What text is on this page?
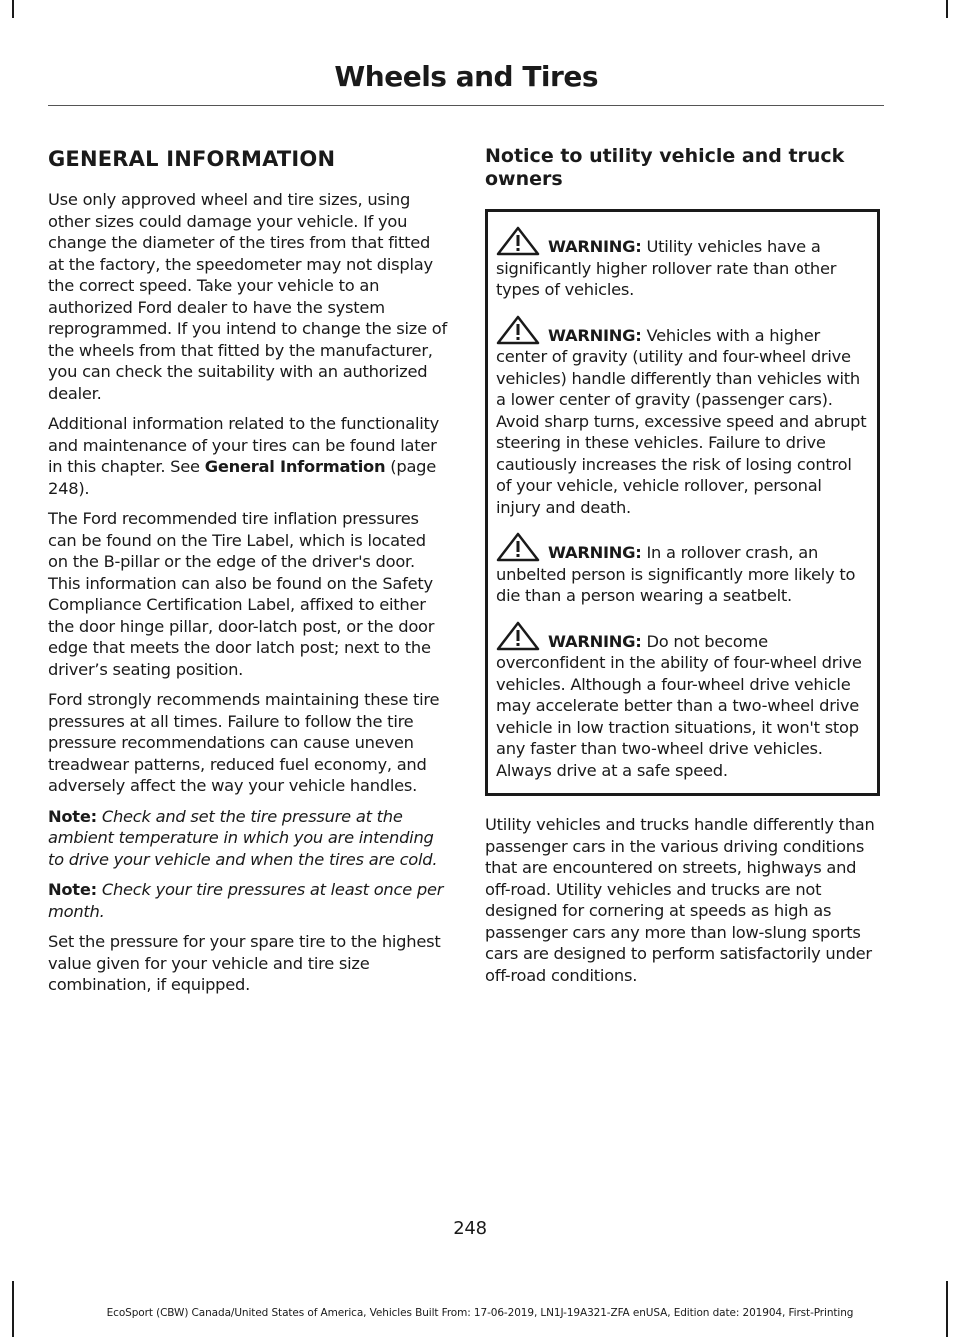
Wheels and Tires
GENERAL INFORMATION

Use only approved wheel and tire sizes, using other sizes could damage your vehicle. If you change the diameter of the tires from that fitted at the factory, the speedometer may not display the correct speed. Take your vehicle to an authorized Ford dealer to have the system reprogrammed. If you intend to change the size of the wheels from that fitted by the manufacturer, you can check the suitability with an authorized dealer.

Additional information related to the functionality and maintenance of your tires can be found later in this chapter. See General Information (page 248).

The Ford recommended tire inflation pressures can be found on the Tire Label, which is located on the B-pillar or the edge of the driver's door. This information can also be found on the Safety Compliance Certification Label, affixed to either the door hinge pillar, door-latch post, or the door edge that meets the door latch post; next to the driver’s seating position.

Ford strongly recommends maintaining these tire pressures at all times. Failure to follow the tire pressure recommendations can cause uneven treadwear patterns, reduced fuel economy, and adversely affect the way your vehicle handles.

Note: Check and set the tire pressure at the ambient temperature in which you are intending to drive your vehicle and when the tires are cold.

Note: Check your tire pressures at least once per month.

Set the pressure for your spare tire to the highest value given for your vehicle and tire size combination, if equipped.

Notice to utility vehicle and truck owners

WARNING: Utility vehicles have a significantly higher rollover rate than other types of vehicles.

WARNING: Vehicles with a higher center of gravity (utility and four-wheel drive vehicles) handle differently than vehicles with a lower center of gravity (passenger cars). Avoid sharp turns, excessive speed and abrupt steering in these vehicles. Failure to drive cautiously increases the risk of losing control of your vehicle, vehicle rollover, personal injury and death.

WARNING: In a rollover crash, an unbelted person is significantly more likely to die than a person wearing a seatbelt.

WARNING: Do not become overconfident in the ability of four-wheel drive vehicles. Although a four-wheel drive vehicle may accelerate better than a two-wheel drive vehicle in low traction situations, it won't stop any faster than two-wheel drive vehicles. Always drive at a safe speed.

Utility vehicles and trucks handle differently than passenger cars in the various driving conditions that are encountered on streets, highways and off-road. Utility vehicles and trucks are not designed for cornering at speeds as high as passenger cars any more than low-slung sports cars are designed to perform satisfactorily under off-road conditions.

248

EcoSport (CBW) Canada/United States of America, Vehicles Built From: 17-06-2019, LN1J-19A321-ZFA enUSA, Edition date: 201904, First-Printing
